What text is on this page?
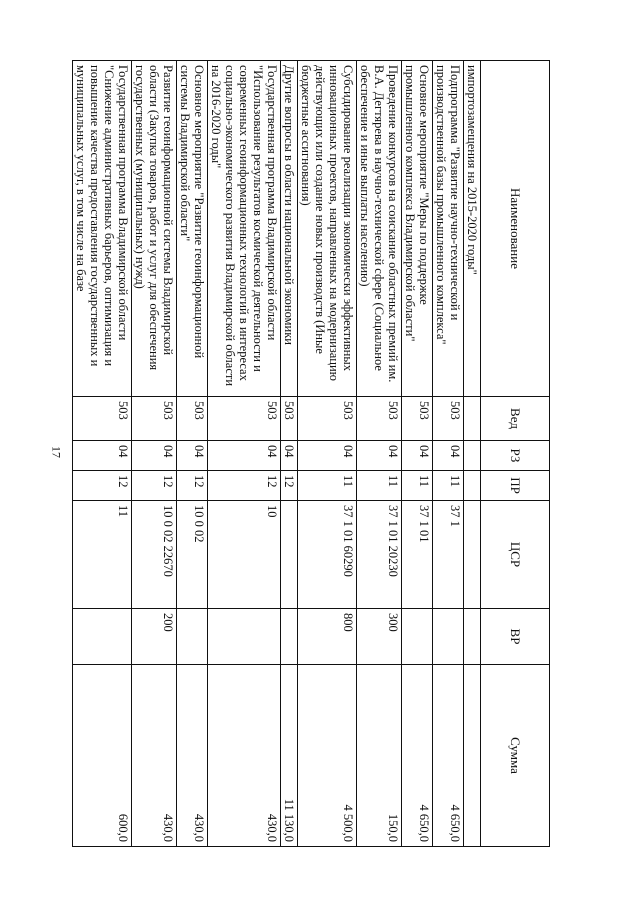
17
Наименование	Вед	РЗ	ПР	ЦСР	ВР	Сумма
импортозамещения на 2015-2020 годы"						
Подпрограмма "Развитие научно-технической и производственной базы промышленного комплекса"	503	04	11	37 1		4 650,0
Основное мероприятие "Меры по поддержке промышленного комплекса Владимирской области"	503	04	11	37 1 01		4 650,0
Проведение конкурсов на соискание областных премий им. В.А. Дегтярева в научно-технической сфере (Социальное обеспечение и иные выплаты населению)	503	04	11	37 1 01 20230	300	150,0
Субсидирование реализации экономически эффективных инновационных проектов, направленных на модернизацию действующих или создание новых производств (Иные бюджетные ассигнования)	503	04	11	37 1 01 60290	800	4 500,0
Другие вопросы в области национальной экономики	503	04	12			11 130,0
Государственная программа Владимирской области "Использование результатов космической деятельности и современных геоинформационных технологий в интересах социально-экономического развития Владимирской области на 2016-2020 годы"	503	04	12	10		430,0
Основное мероприятие "Развитие геоинформационной системы Владимирской области"	503	04	12	10 0 02		430,0
Развитие геоинформационной системы Владимирской области (Закупка товаров, работ и услуг для обеспечения государственных (муниципальных) нужд)	503	04	12	10 0 02 22670	200	430,0
Государственная программа Владимирской области "Снижение административных барьеров, оптимизация и повышение качества предоставления государственных и муниципальных услуг, в том числе на базе	503	04	12	11		600,0
